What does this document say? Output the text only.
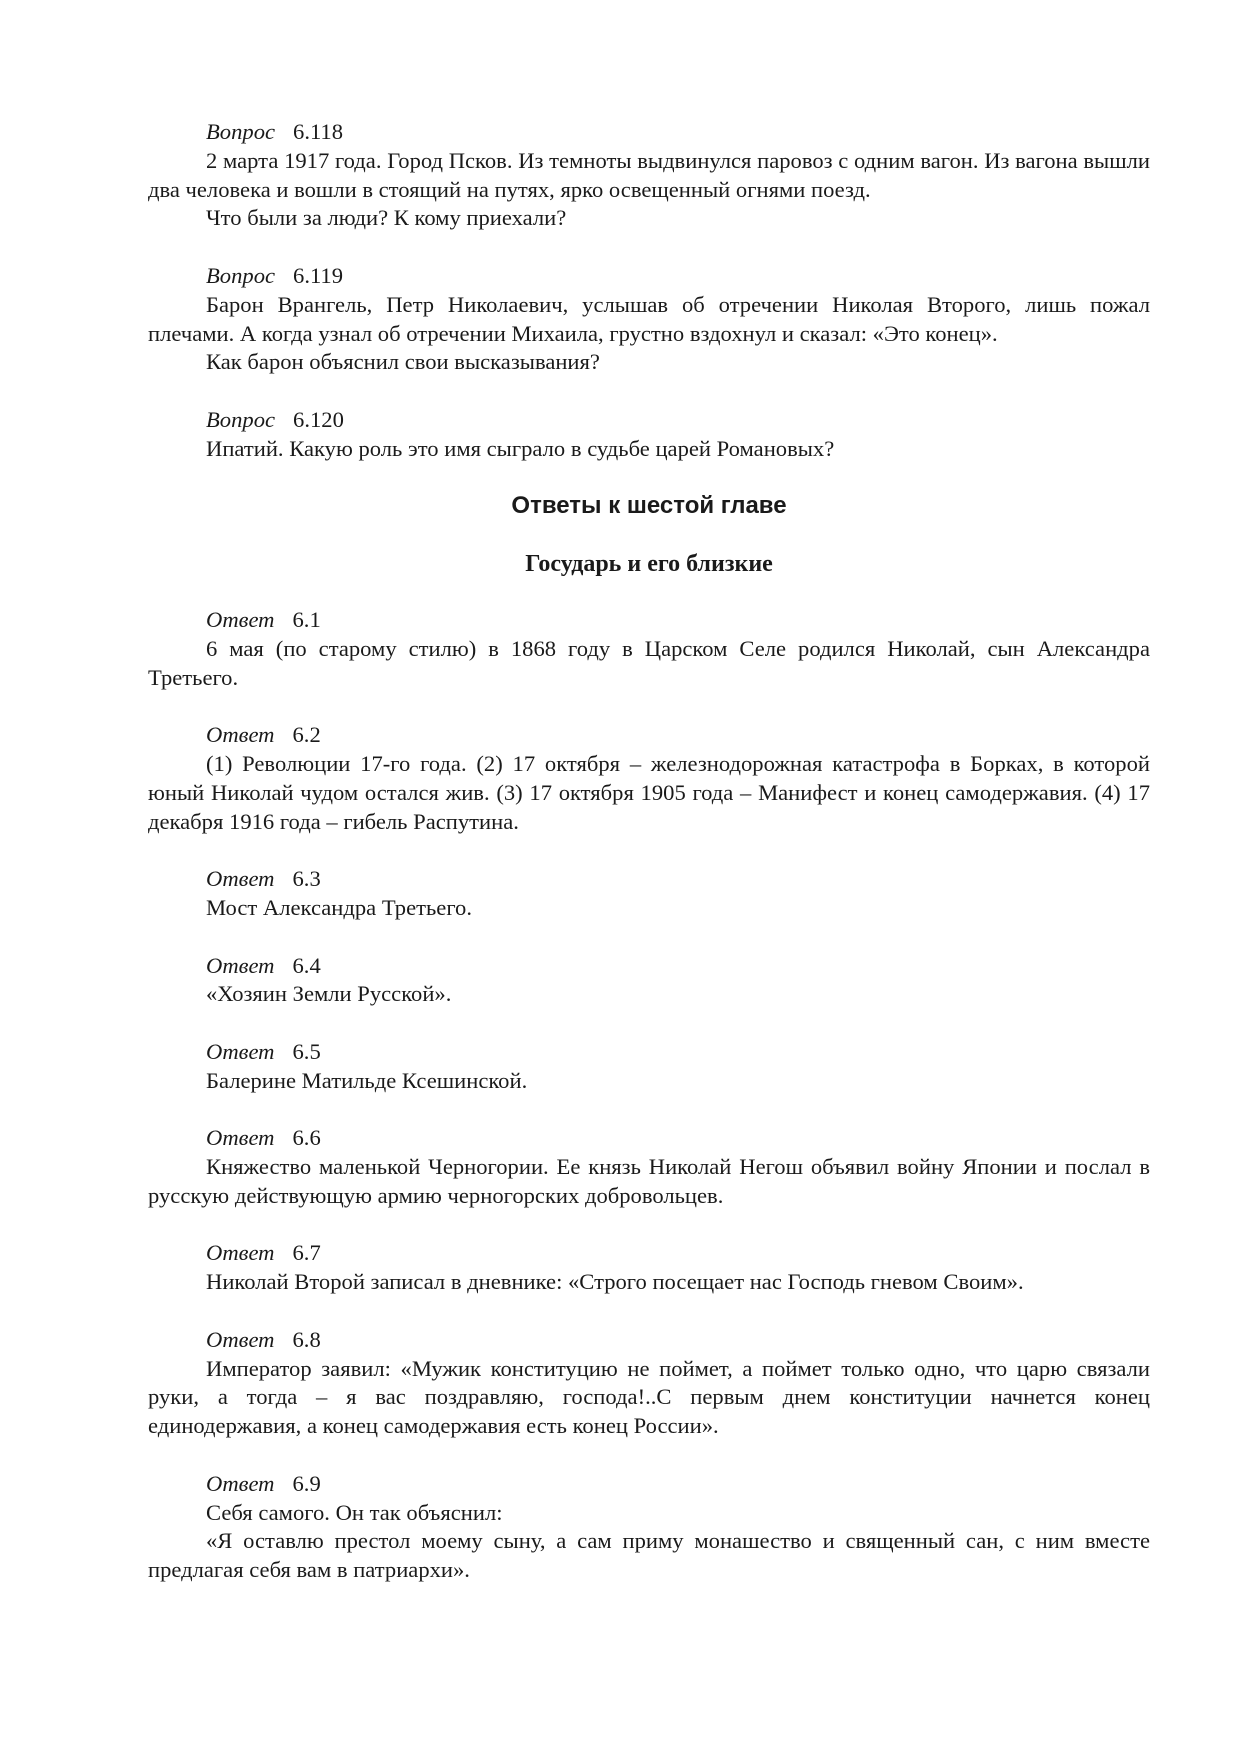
Вопрос 6.118

2 марта 1917 года. Город Псков. Из темноты выдвинулся паровоз с одним вагон. Из вагона вышли два человека и вошли в стоящий на путях, ярко освещенный огнями поезд.

Что были за люди? К кому приехали?

Вопрос 6.119

Барон Врангель, Петр Николаевич, услышав об отречении Николая Второго, лишь пожал плечами. А когда узнал об отречении Михаила, грустно вздохнул и сказал: «Это конец».

Как барон объяснил свои высказывания?

Вопрос 6.120

Ипатий. Какую роль это имя сыграло в судьбе царей Романовых?

Ответы к шестой главе
Государь и его близкие
Ответ 6.1

6 мая (по старому стилю) в 1868 году в Царском Селе родился Николай, сын Александра Третьего.

Ответ 6.2

(1) Революции 17-го года. (2) 17 октября – железнодорожная катастрофа в Борках, в которой юный Николай чудом остался жив. (3) 17 октября 1905 года – Манифест и конец самодержавия. (4) 17 декабря 1916 года – гибель Распутина.

Ответ 6.3

Мост Александра Третьего.

Ответ 6.4

«Хозяин Земли Русской».

Ответ 6.5

Балерине Матильде Ксешинской.

Ответ 6.6

Княжество маленькой Черногории. Ее князь Николай Негош объявил войну Японии и послал в русскую действующую армию черногорских добровольцев.

Ответ 6.7

Николай Второй записал в дневнике: «Строго посещает нас Господь гневом Своим».

Ответ 6.8

Император заявил: «Мужик конституцию не поймет, а поймет только одно, что царю связали руки, а тогда – я вас поздравляю, господа!..С первым днем конституции начнется конец единодержавия, а конец самодержавия есть конец России».

Ответ 6.9

Себя самого. Он так объяснил:

«Я оставлю престол моему сыну, а сам приму монашество и священный сан, с ним вместе предлагая себя вам в патриархи».
